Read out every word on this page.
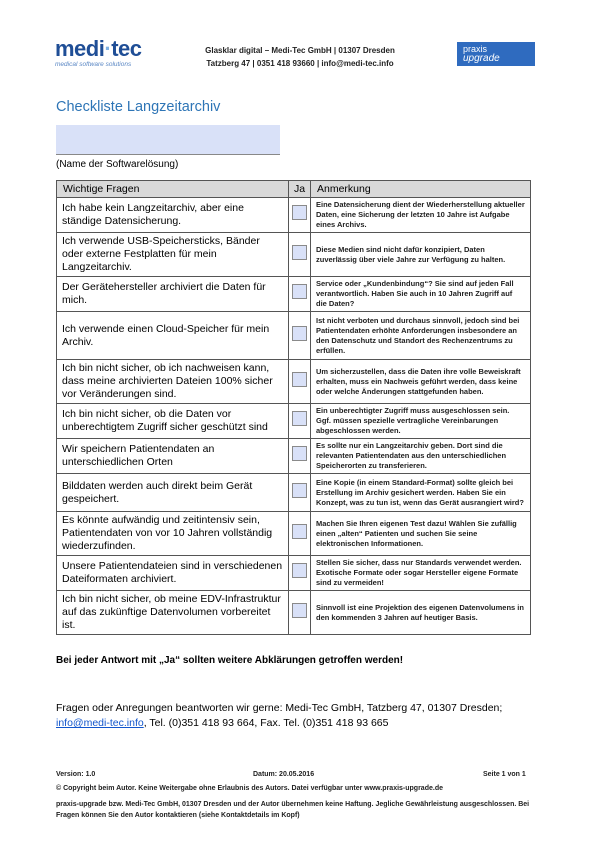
medi·tec
medical software solutions
Glasklar digital – Medi-Tec GmbH | 01307 Dresden
Tatzberg 47 | 0351 418 93660 | info@medi-tec.info
praxis
upgrade
Checkliste Langzeitarchiv
(Name der Softwarelösung)
Wichtige Fragen	Ja	Anmerkung
Ich habe kein Langzeitarchiv, aber eine ständige Datensicherung.		Eine Datensicherung dient der Wiederherstellung aktueller Daten, eine Sicherung der letzten 10 Jahre ist Aufgabe eines Archivs.
Ich verwende USB-Speichersticks, Bänder oder externe Festplatten für mein Langzeitarchiv.		Diese Medien sind nicht dafür konzipiert, Daten zuverlässig über viele Jahre zur Verfügung zu halten.
Der Gerätehersteller archiviert die Daten für mich.		Service oder „Kundenbindung“? Sie sind auf jeden Fall verantwortlich. Haben Sie auch in 10 Jahren Zugriff auf die Daten?
Ich verwende einen Cloud-Speicher für mein Archiv.		Ist nicht verboten und durchaus sinnvoll, jedoch sind bei Patientendaten erhöhte Anforderungen insbesondere an den Datenschutz und Standort des Rechenzentrums zu erfüllen.
Ich bin nicht sicher, ob ich nachweisen kann, dass meine archivierten Dateien 100% sicher vor Veränderungen sind.		Um sicherzustellen, dass die Daten ihre volle Beweiskraft erhalten, muss ein Nachweis geführt werden, dass keine oder welche Änderungen stattgefunden haben.
Ich bin nicht sicher, ob die Daten vor unberechtigtem Zugriff sicher geschützt sind		Ein unberechtigter Zugriff muss ausgeschlossen sein. Ggf. müssen spezielle vertragliche Vereinbarungen abgeschlossen werden.
Wir speichern Patientendaten an unterschiedlichen Orten		Es sollte nur ein Langzeitarchiv geben. Dort sind die relevanten Patientendaten aus den unterschiedlichen Speicherorten zu transferieren.
Bilddaten werden auch direkt beim Gerät gespeichert.		Eine Kopie (in einem Standard-Format) sollte gleich bei Erstellung im Archiv gesichert werden. Haben Sie ein Konzept, was zu tun ist, wenn das Gerät ausrangiert wird?
Es könnte aufwändig und zeitintensiv sein, Patientendaten von vor 10 Jahren vollständig wiederzufinden.		Machen Sie Ihren eigenen Test dazu! Wählen Sie zufällig einen „alten“ Patienten und suchen Sie seine elektronischen Informationen.
Unsere Patientendateien sind in verschiedenen Dateiformaten archiviert.		Stellen Sie sicher, dass nur Standards verwendet werden. Exotische Formate oder sogar Hersteller eigene Formate sind zu vermeiden!
Ich bin nicht sicher, ob meine EDV-Infrastruktur auf das zukünftige Datenvolumen vorbereitet ist.		Sinnvoll ist eine Projektion des eigenen Datenvolumens in den kommenden 3 Jahren auf heutiger Basis.
Bei jeder Antwort mit „Ja“ sollten weitere Abklärungen getroffen werden!
Fragen oder Anregungen beantworten wir gerne: Medi-Tec GmbH, Tatzberg 47, 01307 Dresden;
info@medi-tec.info, Tel. (0)351 418 93 664, Fax. Tel. (0)351 418 93 665
Version: 1.0	Datum: 20.05.2016	Seite 1 von 1
© Copyright beim Autor. Keine Weitergabe ohne Erlaubnis des Autors. Datei verfügbar unter www.praxis-upgrade.de
praxis-upgrade bzw. Medi-Tec GmbH, 01307 Dresden und der Autor übernehmen keine Haftung. Jegliche Gewährleistung ausgeschlossen. Bei Fragen können Sie den Autor kontaktieren (siehe Kontaktdetails im Kopf)
